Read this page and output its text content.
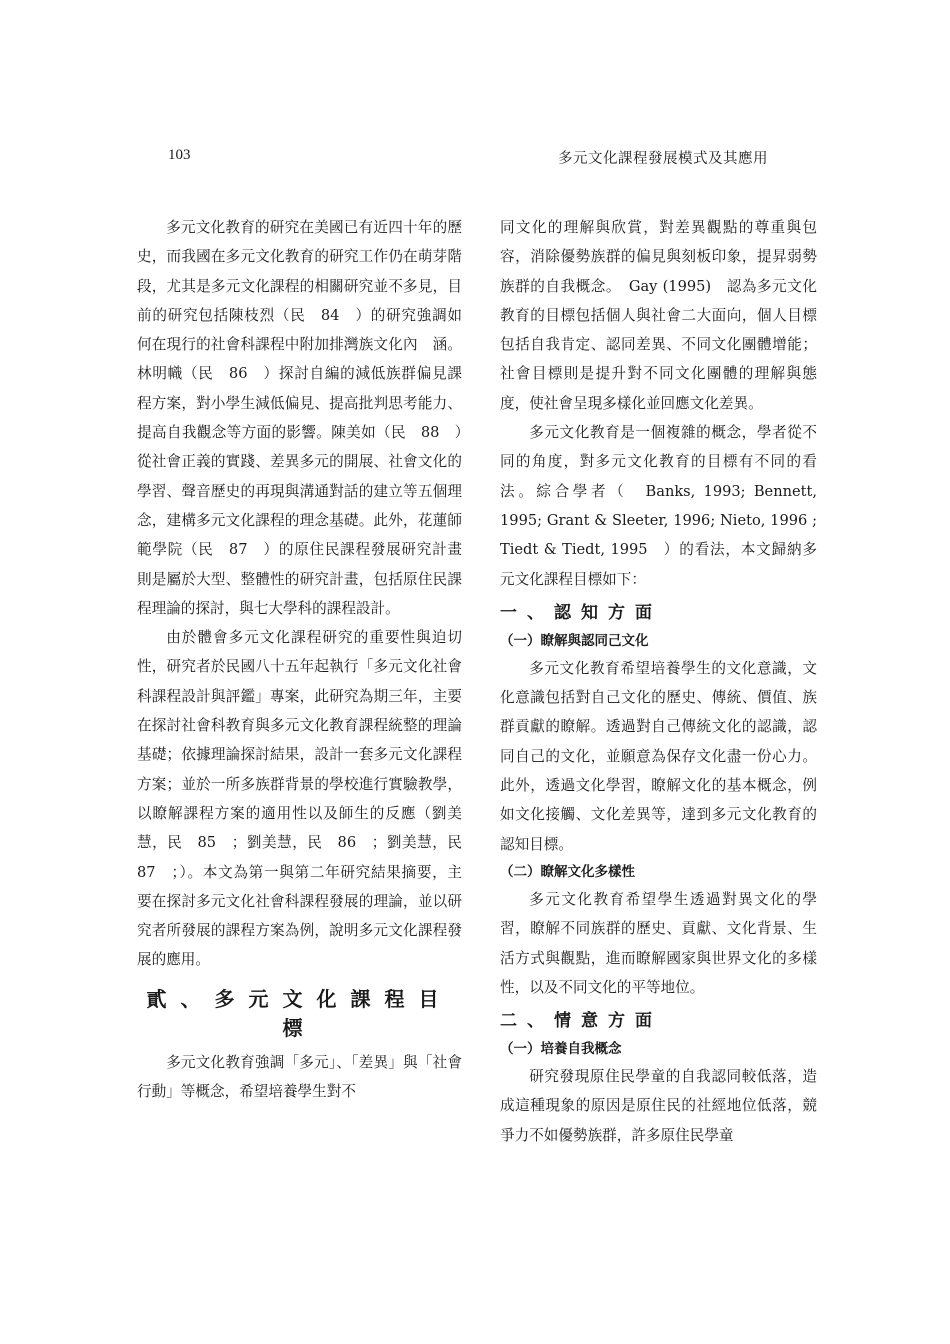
103	多元文化課程發展模式及其應用

多元文化教育的研究在美國已有近四十年的歷史，而我國在多元文化教育的研究工作仍在萌芽階段，尤其是多元文化課程的相關研究並不多見，目前的研究包括陳枝烈（民　84　）的研究強調如何在現行的社會科課程中附加排灣族文化內　涵。林明幟（民　86　）探討自編的減低族群偏見課程方案，對小學生減低偏見、提高批判思考能力、提高自我觀念等方面的影響。陳美如（民　88　）從社會正義的實踐、差異多元的開展、社會文化的學習、聲音歷史的再現與溝通對話的建立等五個理念，建構多元文化課程的理念基礎。此外，花蓮師範學院（民　87　）的原住民課程發展研究計畫則是屬於大型、整體性的研究計畫，包括原住民課程理論的探討，與七大學科的課程設計。

由於體會多元文化課程研究的重要性與迫切性，研究者於民國八十五年起執行「多元文化社會科課程設計與評鑑」專案，此研究為期三年，主要在探討社會科教育與多元文化教育課程統整的理論基礎；依據理論探討結果，設計一套多元文化課程方案；並於一所多族群背景的學校進行實驗教學，以瞭解課程方案的適用性以及師生的反應（劉美慧，民　85　；劉美慧，民　86　；劉美慧，民　87　；）。本文為第一與第二年研究結果摘要，主要在探討多元文化社會科課程發展的理論，並以研究者所發展的課程方案為例，說明多元文化課程發展的應用。

貳、多元文化課程目標

多元文化教育強調「多元」、「差異」與「社會行動」等概念，希望培養學生對不

同文化的理解與欣賞，對差異觀點的尊重與包容，消除優勢族群的偏見與刻板印象，提昇弱勢族群的自我概念。　Gay (1995)　認為多元文化教育的目標包括個人與社會二大面向，個人目標包括自我肯定、認同差異、不同文化團體增能；社會目標則是提升對不同文化團體的理解與態度，使社會呈現多樣化並回應文化差異。

多元文化教育是一個複雜的概念，學者從不同的角度，對多元文化教育的目標有不同的看法。綜合學者（　Banks, 1993; Bennett, 1995; Grant & Sleeter, 1996; Nieto, 1996 ; Tiedt & Tiedt, 1995　）的看法，本文歸納多元文化課程目標如下：

一、認知方面
（一）瞭解與認同己文化

多元文化教育希望培養學生的文化意識，文化意識包括對自己文化的歷史、傳統、價值、族群貢獻的瞭解。透過對自己傳統文化的認識，認同自己的文化，並願意為保存文化盡一份心力。此外，透過文化學習，瞭解文化的基本概念，例如文化接觸、文化差異等，達到多元文化教育的認知目標。

（二）瞭解文化多樣性

多元文化教育希望學生透過對異文化的學習，瞭解不同族群的歷史、貢獻、文化背景、生活方式與觀點，進而瞭解國家與世界文化的多樣性，以及不同文化的平等地位。

二、情意方面
（一）培養自我概念

研究發現原住民學童的自我認同較低落，造成這種現象的原因是原住民的社經地位低落，競爭力不如優勢族群，許多原住民學童
